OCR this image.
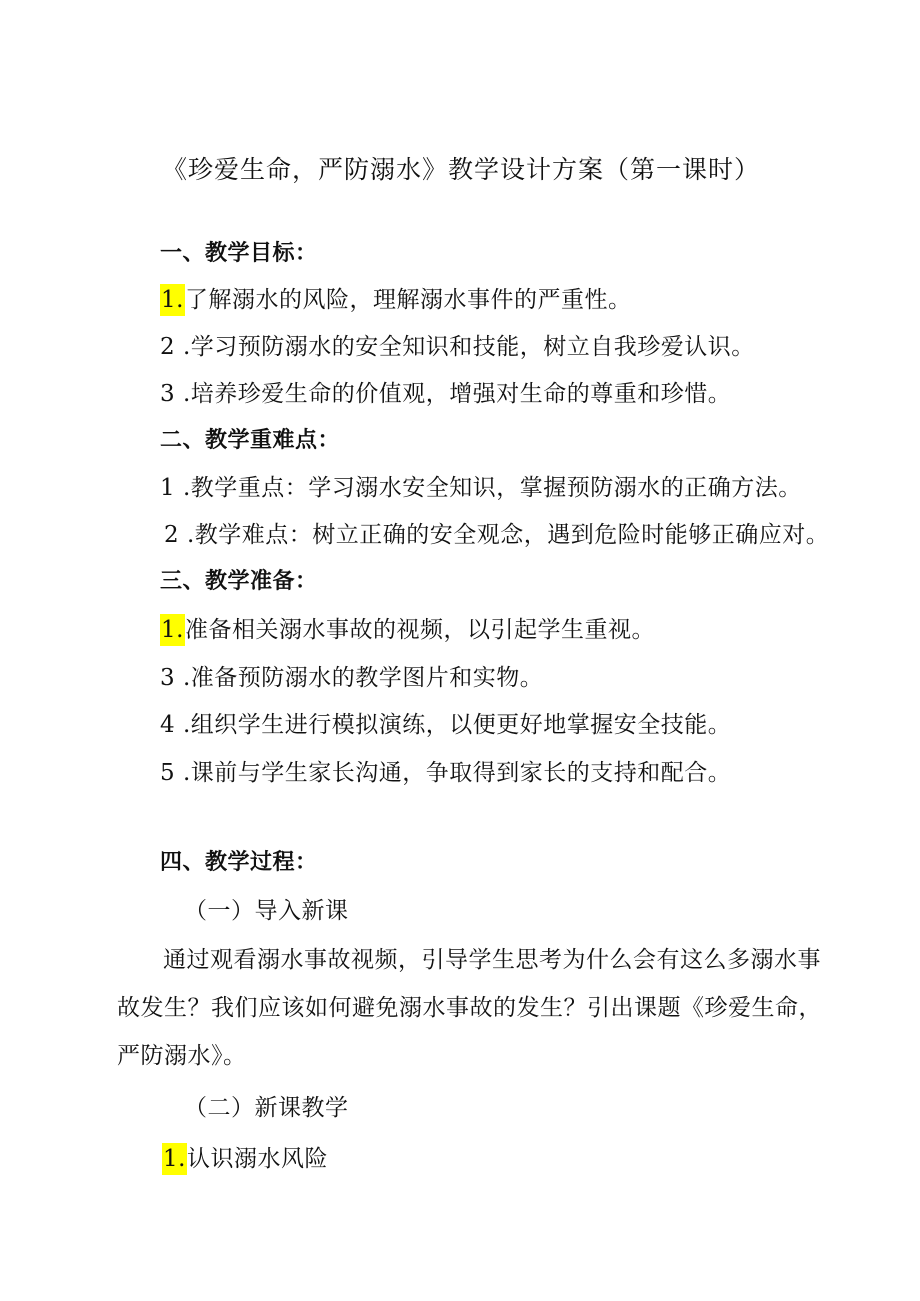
《珍爱生命，严防溺水》教学设计方案（第一课时）
一、教学目标：
1.了解溺水的风险，理解溺水事件的严重性。
2 .学习预防溺水的安全知识和技能，树立自我珍爱认识。
3 .培养珍爱生命的价值观，增强对生命的尊重和珍惜。
二、教学重难点：
1 .教学重点：学习溺水安全知识，掌握预防溺水的正确方法。
2 .教学难点：树立正确的安全观念，遇到危险时能够正确应对。
三、教学准备：
1.准备相关溺水事故的视频，以引起学生重视。
3 .准备预防溺水的教学图片和实物。
4 .组织学生进行模拟演练，以便更好地掌握安全技能。
5 .课前与学生家长沟通，争取得到家长的支持和配合。
四、教学过程：
（一）导入新课
通过观看溺水事故视频，引导学生思考为什么会有这么多溺水事故发生？我们应该如何避免溺水事故的发生？引出课题《珍爱生命，严防溺水》。
（二）新课教学
1.认识溺水风险
